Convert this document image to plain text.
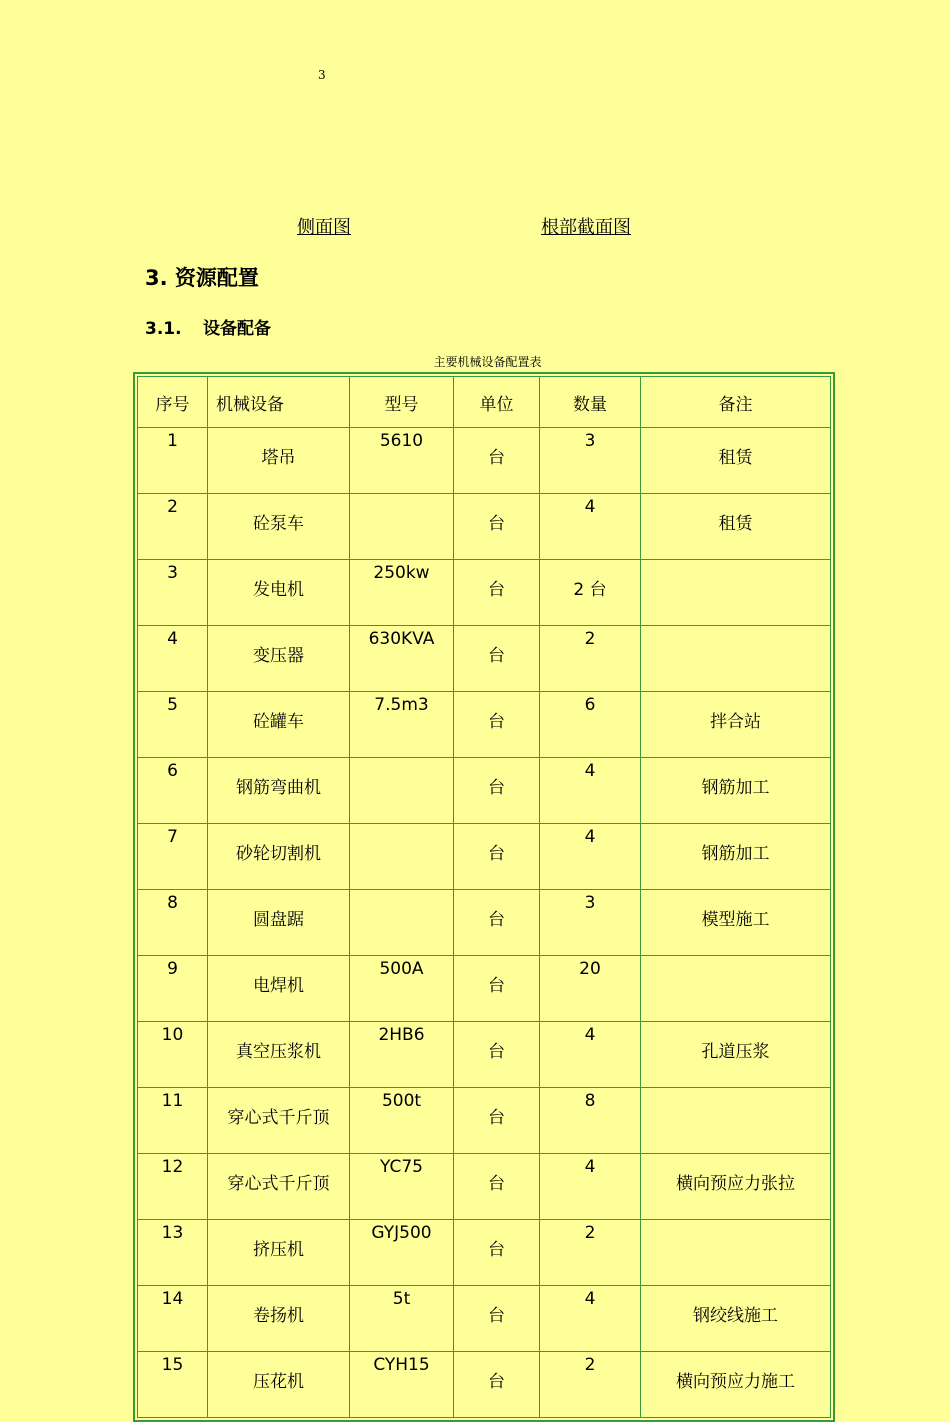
3
侧面图	根部截面图
3. 资源配置
3.1. 设备配备
主要机械设备配置表
序号	机械设备	型号	单位	数量	备注
1	塔吊	5610	台	3	租赁
2	砼泵车		台	4	租赁
3	发电机	250kw	台	2 台	
4	变压器	630KVA	台	2	
5	砼罐车	7.5m3	台	6	拌合站
6	钢筋弯曲机		台	4	钢筋加工
7	砂轮切割机		台	4	钢筋加工
8	圆盘踞		台	3	模型施工
9	电焊机	500A	台	20	
10	真空压浆机	2HB6	台	4	孔道压浆
11	穿心式千斤顶	500t	台	8	
12	穿心式千斤顶	YC75	台	4	横向预应力张拉
13	挤压机	GYJ500	台	2	
14	卷扬机	5t	台	4	钢绞线施工
15	压花机	CYH15	台	2	横向预应力施工
